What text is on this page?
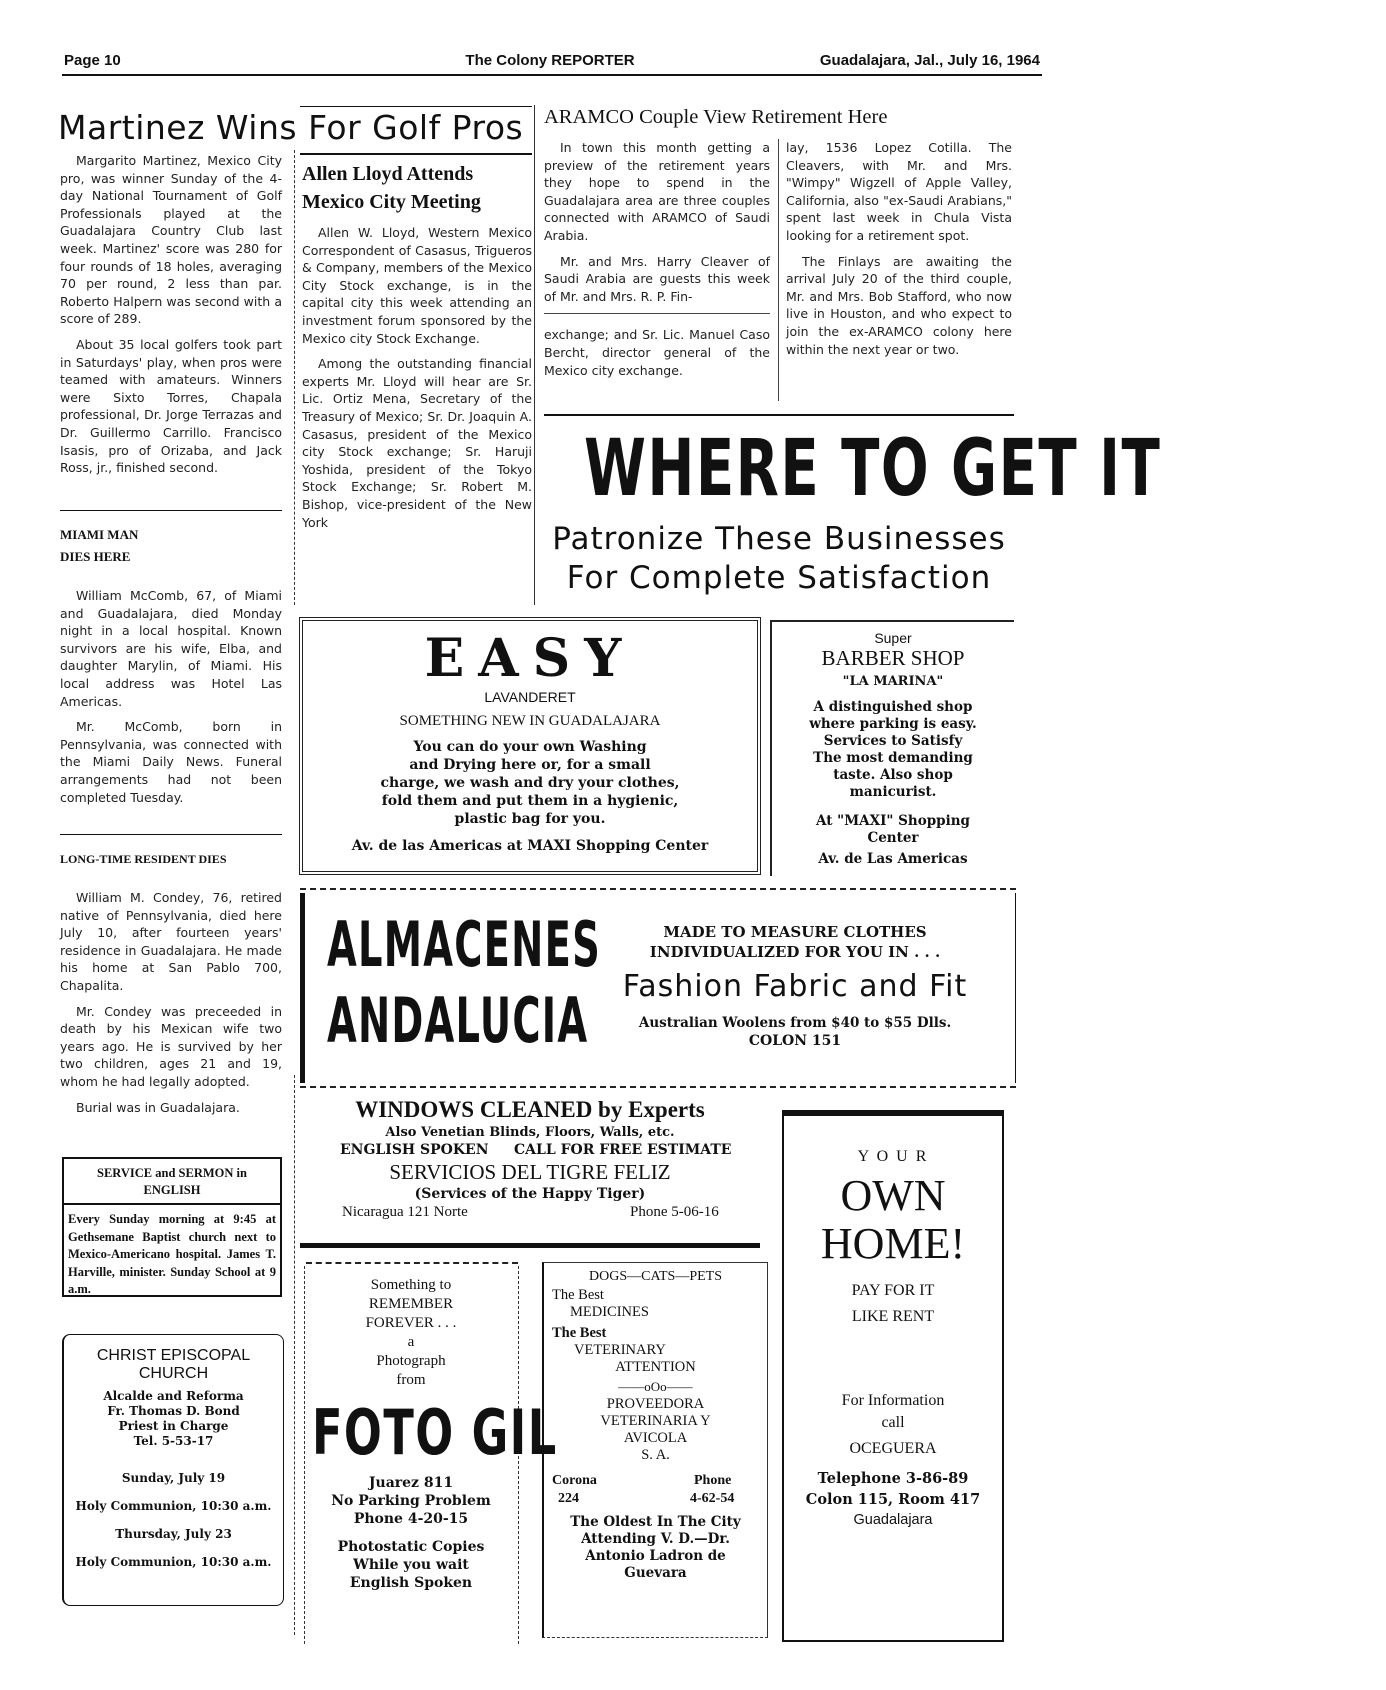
Page 10	The Colony REPORTER	Guadalajara, Jal., July 16, 1964
Martinez Wins For Golf Pros

Margarito Martinez, Mexico City pro, was winner Sunday of the 4-day National Tournament of Golf Professionals played at the Guadalajara Country Club last week. Martinez' score was 280 for four rounds of 18 holes, averaging 70 per round, 2 less than par. Roberto Halpern was second with a score of 289.

About 35 local golfers took part in Saturdays' play, when pros were teamed with amateurs. Winners were Sixto Torres, Chapala professional, Dr. Jorge Terrazas and Dr. Guillermo Carrillo. Francisco Isasis, pro of Orizaba, and Jack Ross, jr., finished second.

MIAMI MAN
DIES HERE

William McComb, 67, of Miami and Guadalajara, died Monday night in a local hospital. Known survivors are his wife, Elba, and daughter Marylin, of Miami. His local address was Hotel Las Americas.

Mr. McComb, born in Pennsylvania, was connected with the Miami Daily News. Funeral arrangements had not been completed Tuesday.

LONG-TIME RESIDENT DIES

William M. Condey, 76, retired native of Pennsylvania, died here July 10, after fourteen years' residence in Guadalajara. He made his home at San Pablo 700, Chapalita.

Mr. Condey was preceeded in death by his Mexican wife two years ago. He is survived by her two children, ages 21 and 19, whom he had legally adopted.

Burial was in Guadalajara.

SERVICE and SERMON in
ENGLISH
Every Sunday morning at 9:45 at Gethsemane Baptist church next to Mexico-Americano hospital. James T. Harville, minister. Sunday School at 9 a.m.
CHRIST EPISCOPAL
CHURCH
Alcalde and Reforma
Fr. Thomas D. Bond
Priest in Charge
Tel. 5-53-17
Sunday, July 19
Holy Communion, 10:30 a.m.
Thursday, July 23
Holy Communion, 10:30 a.m.
Allen Lloyd Attends
Mexico City Meeting

Allen W. Lloyd, Western Mexico Correspondent of Casasus, Trigueros & Company, members of the Mexico City Stock exchange, is in the capital city this week attending an investment forum sponsored by the Mexico city Stock Exchange.

Among the outstanding financial experts Mr. Lloyd will hear are Sr. Lic. Ortiz Mena, Secretary of the Treasury of Mexico; Sr. Dr. Joaquin A. Casasus, president of the Mexico city Stock exchange; Sr. Haruji Yoshida, president of the Tokyo Stock Exchange; Sr. Robert M. Bishop, vice-president of the New York

ARAMCO Couple View Retirement Here

In town this month getting a preview of the retirement years they hope to spend in the Guadalajara area are three couples connected with ARAMCO of Saudi Arabia.

Mr. and Mrs. Harry Cleaver of Saudi Arabia are guests this week of Mr. and Mrs. R. P. Fin-

exchange; and Sr. Lic. Manuel Caso Bercht, director general of the Mexico city exchange.

lay, 1536 Lopez Cotilla. The Cleavers, with Mr. and Mrs. "Wimpy" Wigzell of Apple Valley, California, also "ex-Saudi Arabians," spent last week in Chula Vista looking for a retirement spot.

The Finlays are awaiting the arrival July 20 of the third couple, Mr. and Mrs. Bob Stafford, who now live in Houston, and who expect to join the ex-ARAMCO colony here within the next year or two.

WHERE TO GET IT
Patronize These Businesses
For Complete Satisfaction
EASY
LAVANDERET
SOMETHING NEW IN GUADALAJARA
You can do your own Washing
and Drying here or, for a small
charge, we wash and dry your clothes,
fold them and put them in a hygienic,
plastic bag for you.
Av. de las Americas at MAXI Shopping Center
Super
BARBER SHOP
"LA MARINA"
A distinguished shop
where parking is easy.
Services to Satisfy
The most demanding
taste. Also shop
manicurist.
At "MAXI" Shopping
Center
Av. de Las Americas
ALMACENES
ANDALUCIA
MADE TO MEASURE CLOTHES
INDIVIDUALIZED FOR YOU IN . . .
Fashion Fabric and Fit
Australian Woolens from $40 to $55 Dlls.
COLON 151
WINDOWS CLEANED by Experts
Also Venetian Blinds, Floors, Walls, etc.
ENGLISH SPOKEN CALL FOR FREE ESTIMATE
SERVICIOS DEL TIGRE FELIZ
(Services of the Happy Tiger)
Nicaragua 121 Norte	Phone 5-06-16
Y O U R
OWN
HOME!
PAY FOR IT
LIKE RENT
For Information
call
OCEGUERA
Telephone 3-86-89
Colon 115, Room 417
Guadalajara
Something to
REMEMBER
FOREVER . . .
a
Photograph
from
FOTO GIL
Juarez 811
No Parking Problem
Phone 4-20-15
Photostatic Copies
While you wait
English Spoken
DOGS—CATS—PETS
The Best
MEDICINES
The Best
VETERINARY
ATTENTION
——oOo——
PROVEEDORA
VETERINARIA Y
AVICOLA
S. A.
Corona
224
Phone
4-62-54
The Oldest In The City
Attending V. D.—Dr.
Antonio Ladron de
Guevara
